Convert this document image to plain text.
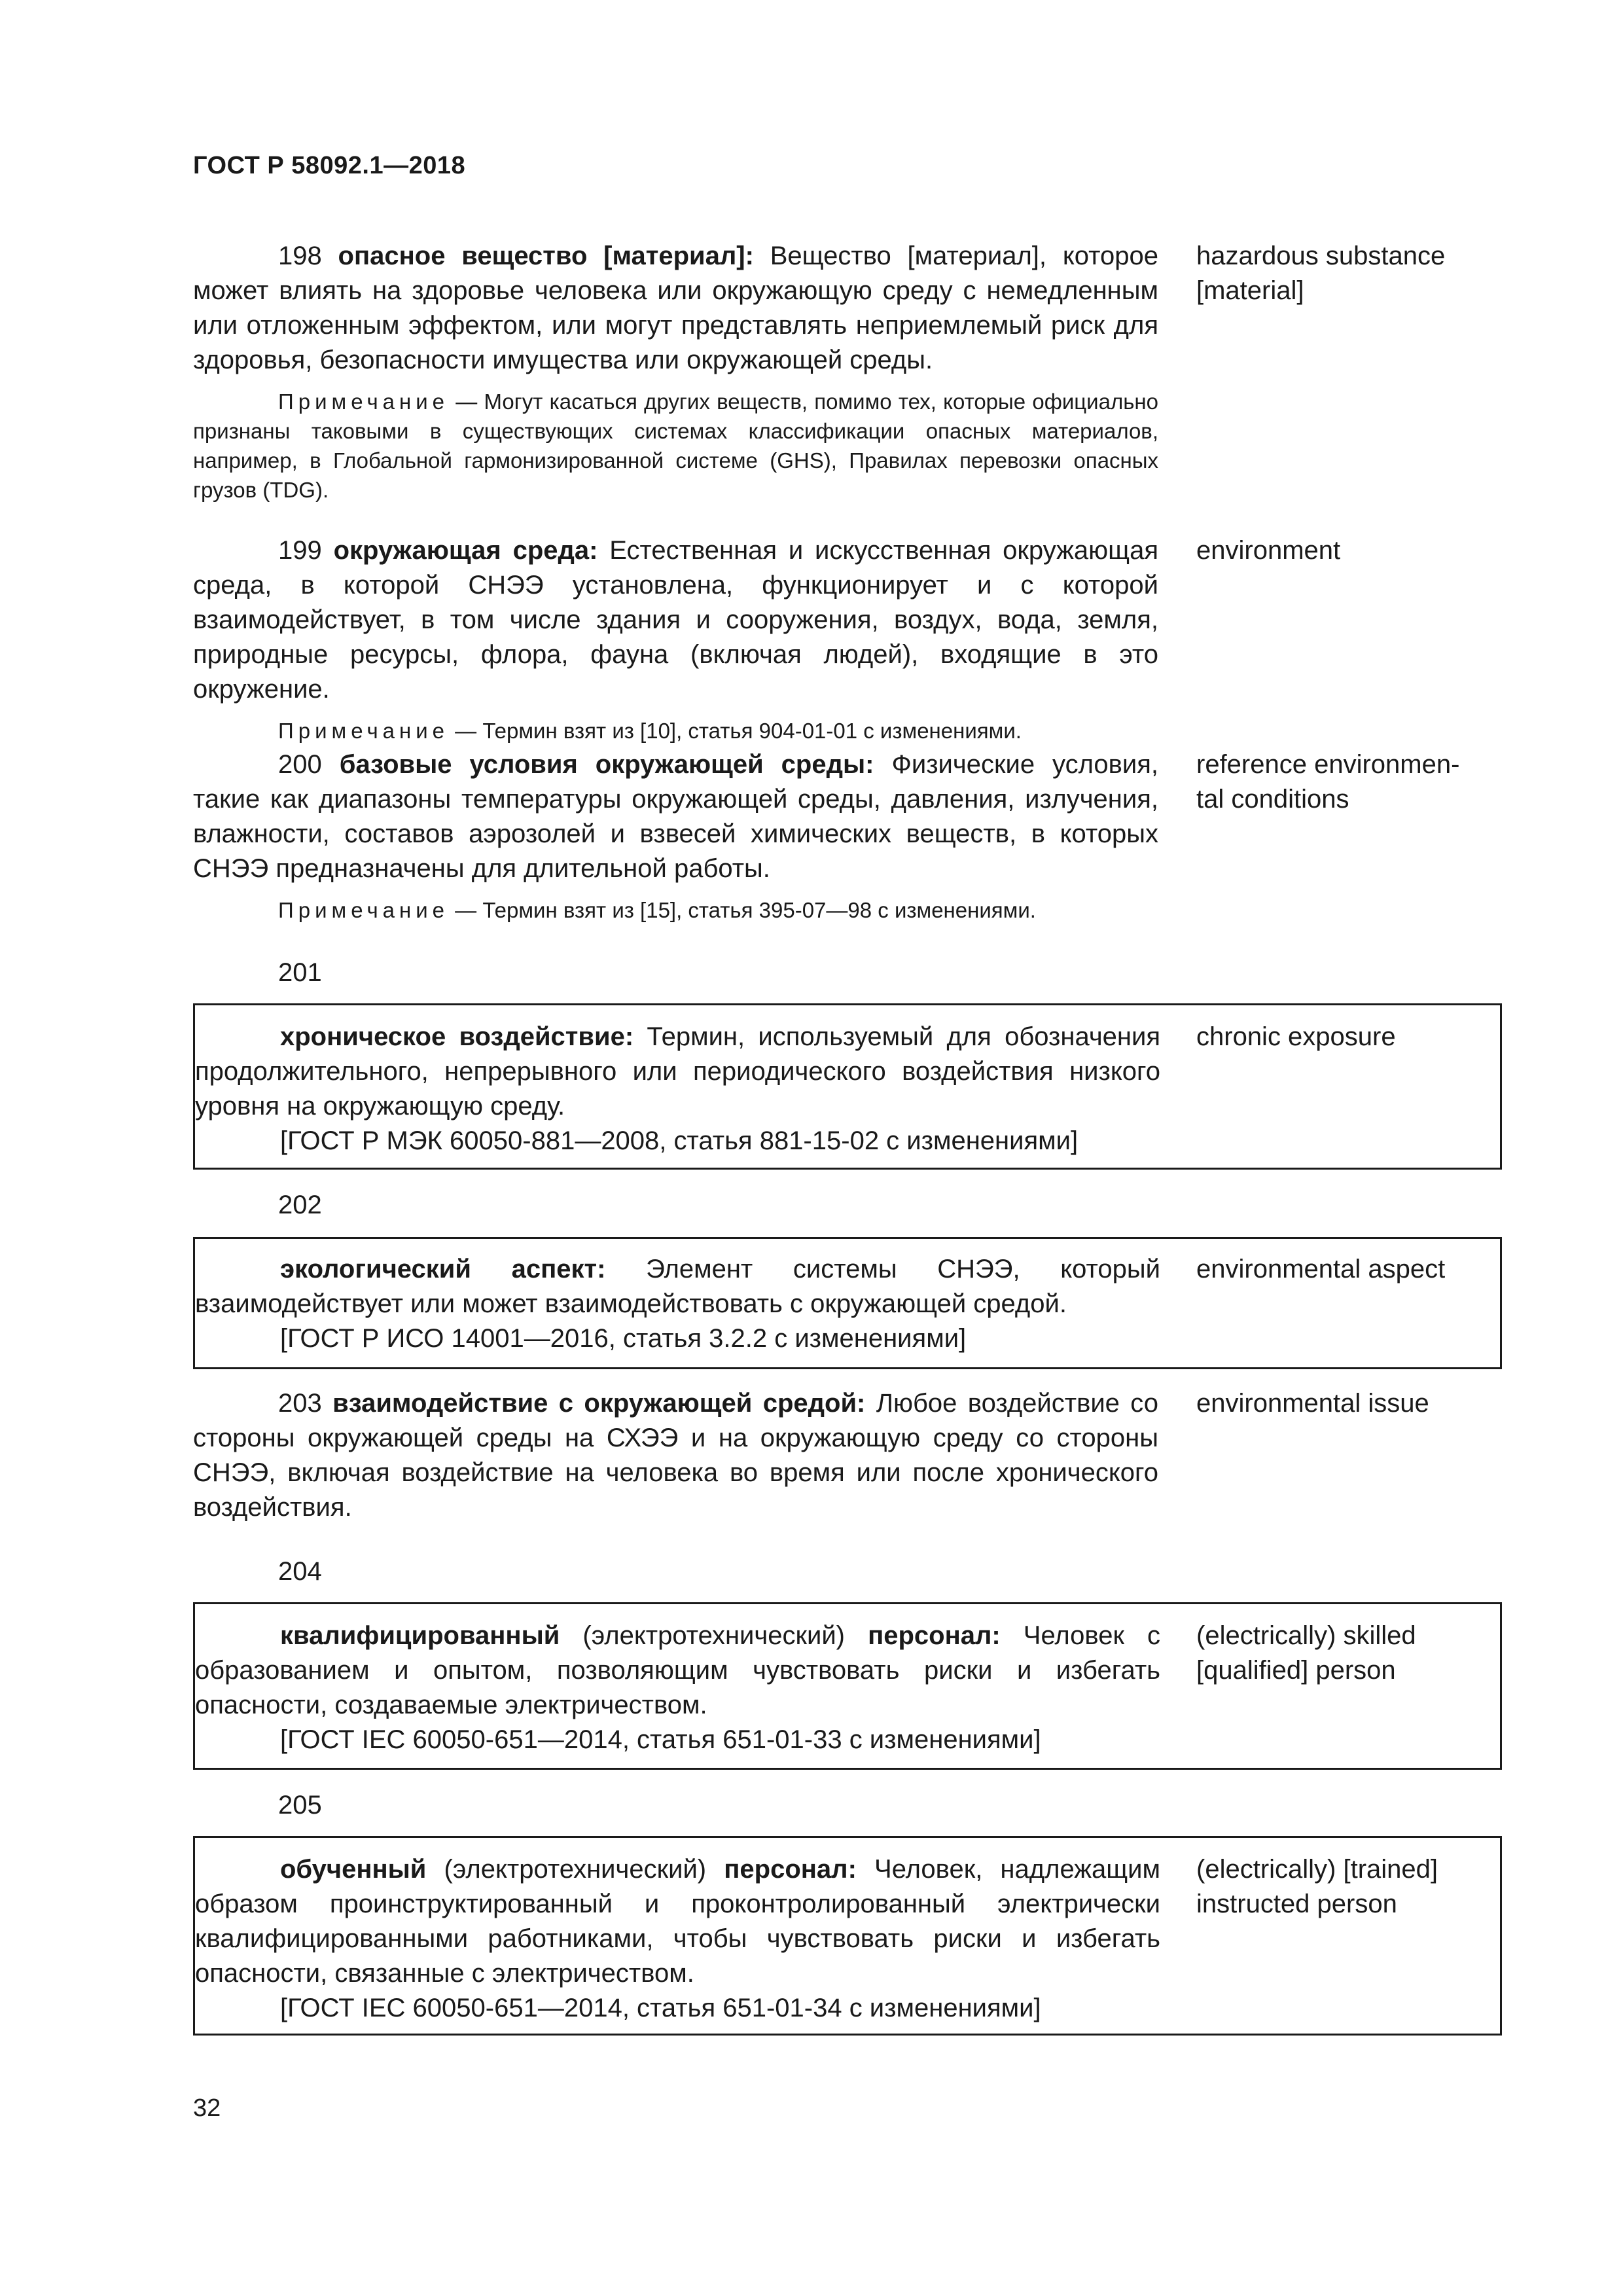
ГОСТ Р 58092.1—2018
198 опасное вещество [материал]: Вещество [материал], которое может влиять на здоровье человека или окружающую среду с немедленным или отложенным эффектом, или могут представлять неприемлемый риск для здоровья, безопасности имущества или окружающей среды.
Примечание — Могут касаться других веществ, помимо тех, которые официально признаны таковыми в существующих системах классификации опасных материалов, например, в Глобальной гармонизированной системе (GHS), Правилах перевозки опасных грузов (TDG).
hazardous substance [material]
199 окружающая среда: Естественная и искусственная окружающая среда, в которой СНЭЭ установлена, функционирует и с которой взаимодействует, в том числе здания и сооружения, воздух, вода, земля, природные ресурсы, флора, фауна (включая людей), входящие в это окружение.
Примечание — Термин взят из [10], статья 904-01-01 с изменениями.
environment
200 базовые условия окружающей среды: Физические условия, такие как диапазоны температуры окружающей среды, давления, излучения, влажности, составов аэрозолей и взвесей химических веществ, в которых СНЭЭ предназначены для длительной работы.
Примечание — Термин взят из [15], статья 395-07—98 с изменениями.
reference environmen-tal conditions
201
хроническое воздействие: Термин, используемый для обозначения продолжительного, непрерывного или периодического воздействия низкого уровня на окружающую среду.
[ГОСТ Р МЭК 60050-881—2008, статья 881-15-02 с изменениями]
chronic exposure
202
экологический аспект: Элемент системы СНЭЭ, который взаимодействует или может взаимодействовать с окружающей средой.
[ГОСТ Р ИСО 14001—2016, статья 3.2.2 с изменениями]
environmental aspect
203 взаимодействие с окружающей средой: Любое воздействие со стороны окружающей среды на СХЭЭ и на окружающую среду со стороны СНЭЭ, включая воздействие на человека во время или после хронического воздействия.
environmental issue
204
квалифицированный (электротехнический) персонал: Человек с образованием и опытом, позволяющим чувствовать риски и избегать опасности, создаваемые электричеством.
[ГОСТ IEC 60050-651—2014, статья 651-01-33 с изменениями]
(electrically) skilled [qualified] person
205
обученный (электротехнический) персонал: Человек, надлежащим образом проинструктированный и проконтролированный электрически квалифицированными работниками, чтобы чувствовать риски и избегать опасности, связанные с электричеством.
[ГОСТ IEC 60050-651—2014, статья 651-01-34 с изменениями]
(electrically) [trained] instructed person
32
